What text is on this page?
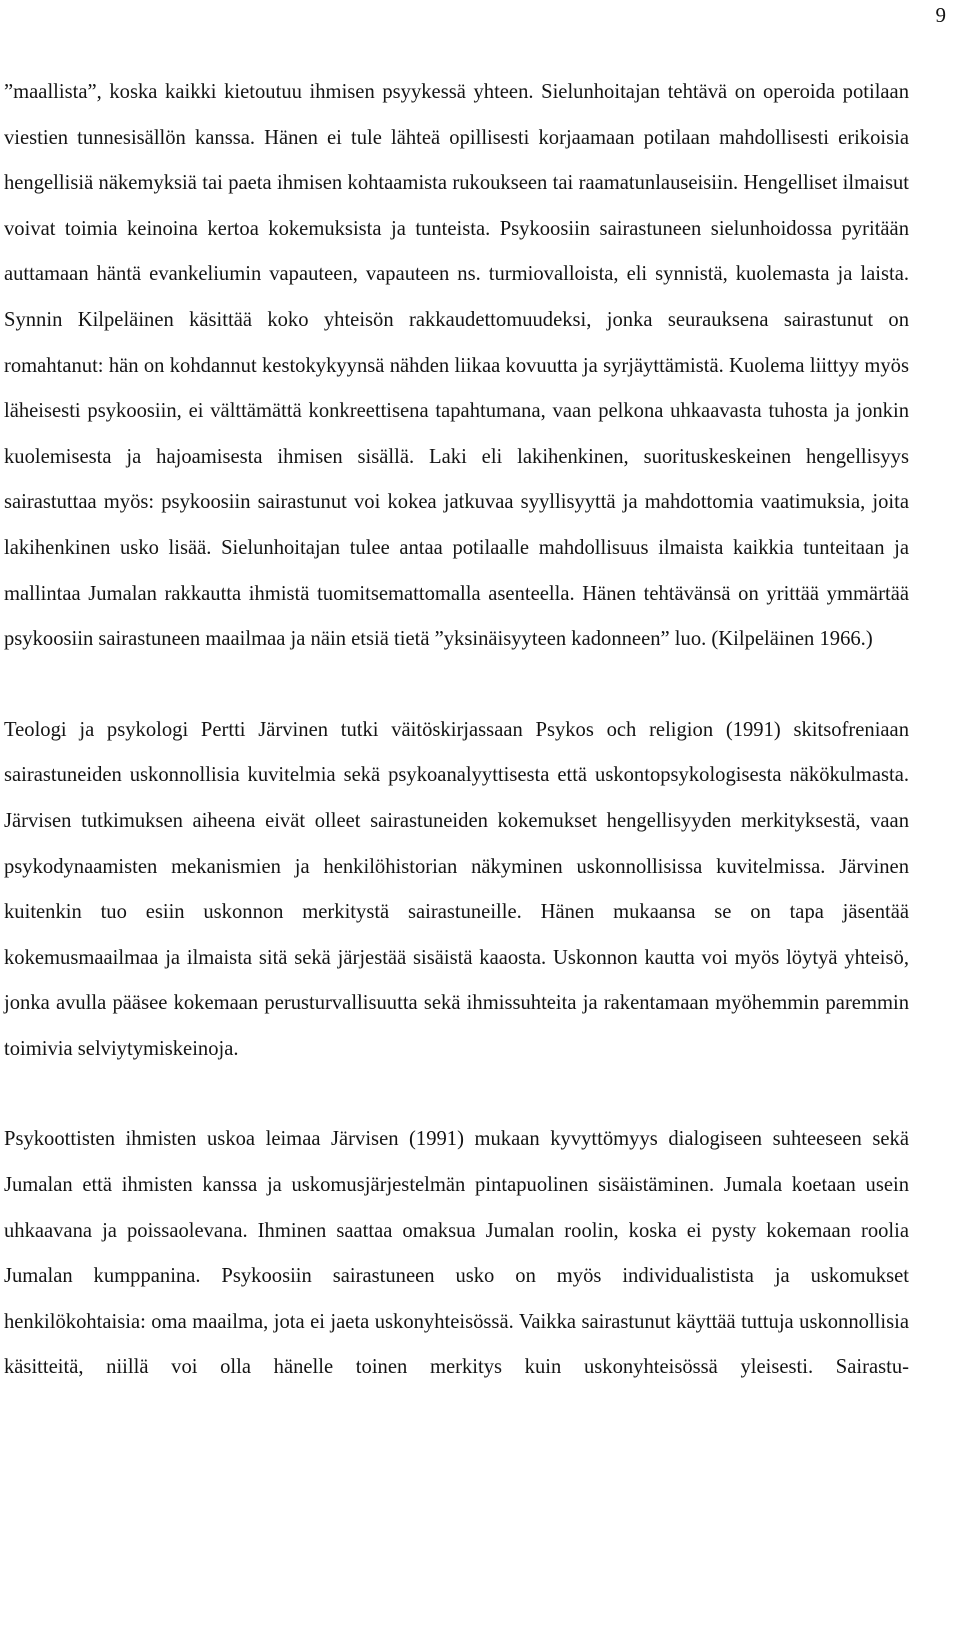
9

”maallista”, koska kaikki kietoutuu ihmisen psyykessä yhteen. Sielunhoitajan tehtävä on operoida potilaan viestien tunnesisällön kanssa. Hänen ei tule lähteä opillisesti korjaamaan potilaan mahdollisesti erikoisia hengellisiä näkemyksiä tai paeta ihmisen kohtaamista rukoukseen tai raamatunlauseisiin. Hengelliset ilmaisut voivat toimia keinoina kertoa kokemuksista ja tunteista. Psykoosiin sairastuneen sielunhoidossa pyritään auttamaan häntä evankeliumin vapauteen, vapauteen ns. turmiovalloista, eli synnistä, kuolemasta ja laista. Synnin Kilpeläinen käsittää koko yhteisön rakkaudettomuudeksi, jonka seurauksena sairastunut on romahtanut: hän on kohdannut kestokykyynsä nähden liikaa kovuutta ja syrjäyttämistä. Kuolema liittyy myös läheisesti psykoosiin, ei välttämättä konkreettisena tapahtumana, vaan pelkona uhkaavasta tuhosta ja jonkin kuolemisesta ja hajoamisesta ihmisen sisällä. Laki eli lakihenkinen, suorituskeskeinen hengellisyys sairastuttaa myös: psykoosiin sairastunut voi kokea jatkuvaa syyllisyyttä ja mahdottomia vaatimuksia, joita lakihenkinen usko lisää. Sielunhoitajan tulee antaa potilaalle mahdollisuus ilmaista kaikkia tunteitaan ja mallintaa Jumalan rakkautta ihmistä tuomitsemattomalla asenteella. Hänen tehtävänsä on yrittää ymmärtää psykoosiin sairastuneen maailmaa ja näin etsiä tietä ”yksinäisyyteen kadonneen” luo. (Kilpeläinen 1966.)

Teologi ja psykologi Pertti Järvinen tutki väitöskirjassaan Psykos och religion (1991) skitsofreniaan sairastuneiden uskonnollisia kuvitelmia sekä psykoanalyyttisesta että uskontopsykologisesta näkökulmasta. Järvisen tutkimuksen aiheena eivät olleet sairastuneiden kokemukset hengellisyyden merkityksestä, vaan psykodynaamisten mekanismien ja henkilöhistorian näkyminen uskonnollisissa kuvitelmissa. Järvinen kuitenkin tuo esiin uskonnon merkitystä sairastuneille. Hänen mukaansa se on tapa jäsentää kokemusmaailmaa ja ilmaista sitä sekä järjestää sisäistä kaaosta. Uskonnon kautta voi myös löytyä yhteisö, jonka avulla pääsee kokemaan perusturvallisuutta sekä ihmissuhteita ja rakentamaan myöhemmin paremmin toimivia selviytymiskeinoja.

Psykoottisten ihmisten uskoa leimaa Järvisen (1991) mukaan kyvyttömyys dialogiseen suhteeseen sekä Jumalan että ihmisten kanssa ja uskomusjärjestelmän pintapuolinen sisäistäminen. Jumala koetaan usein uhkaavana ja poissaolevana. Ihminen saattaa omaksua Jumalan roolin, koska ei pysty kokemaan roolia Jumalan kumppanina. Psykoosiin sairastuneen usko on myös individualistista ja uskomukset henkilökohtaisia: oma maailma, jota ei jaeta uskonyhteisössä. Vaikka sairastunut käyttää tuttuja uskonnollisia käsitteitä, niillä voi olla hänelle toinen merkitys kuin uskonyhteisössä yleisesti. Sairastu-
